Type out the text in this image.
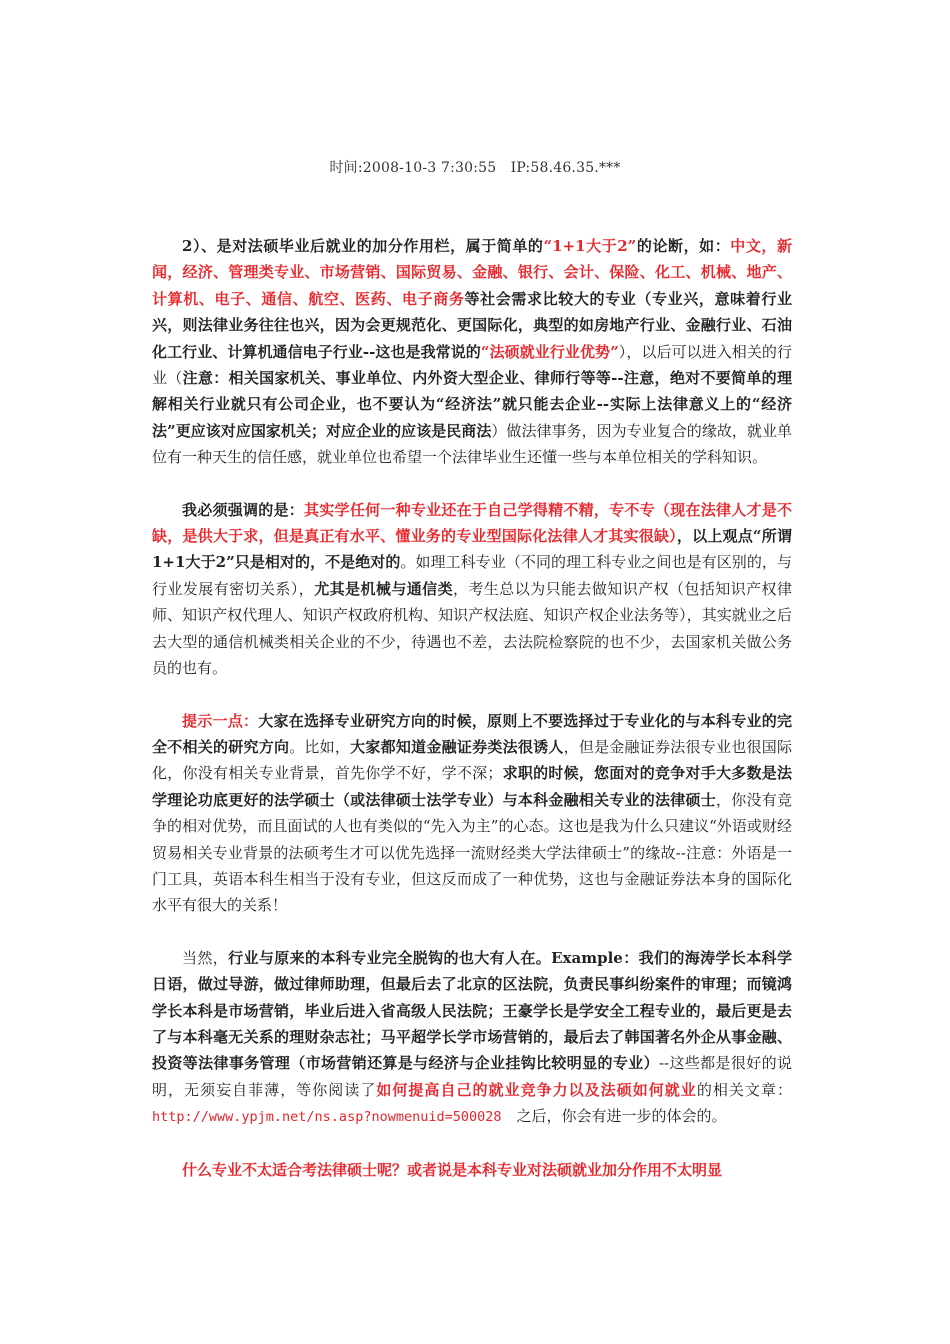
时间:2008-10-3 7:30:55　IP:58.46.35.***

2）、是对法硕毕业后就业的加分作用栏，属于简单的“1+1大于2”的论断，如：中文，新闻，经济、管理类专业、市场营销、国际贸易、金融、银行、会计、保险、化工、机械、地产、计算机、电子、通信、航空、医药、电子商务等社会需求比较大的专业（专业兴，意味着行业兴，则法律业务往往也兴，因为会更规范化、更国际化，典型的如房地产行业、金融行业、石油化工行业、计算机通信电子行业--这也是我常说的“法硕就业行业优势”），以后可以进入相关的行业（注意：相关国家机关、事业单位、内外资大型企业、律师行等等--注意，绝对不要简单的理解相关行业就只有公司企业，也不要认为“经济法”就只能去企业--实际上法律意义上的“经济法”更应该对应国家机关；对应企业的应该是民商法）做法律事务，因为专业复合的缘故，就业单位有一种天生的信任感，就业单位也希望一个法律毕业生还懂一些与本单位相关的学科知识。

我必须强调的是：其实学任何一种专业还在于自己学得精不精，专不专（现在法律人才是不缺，是供大于求，但是真正有水平、懂业务的专业型国际化法律人才其实很缺），以上观点“所谓1+1大于2”只是相对的，不是绝对的。如理工科专业（不同的理工科专业之间也是有区别的，与行业发展有密切关系），尤其是机械与通信类，考生总以为只能去做知识产权（包括知识产权律师、知识产权代理人、知识产权政府机构、知识产权法庭、知识产权企业法务等），其实就业之后去大型的通信机械类相关企业的不少，待遇也不差，去法院检察院的也不少，去国家机关做公务员的也有。

提示一点：大家在选择专业研究方向的时候，原则上不要选择过于专业化的与本科专业的完全不相关的研究方向。比如，大家都知道金融证券类法很诱人，但是金融证券法很专业也很国际化，你没有相关专业背景，首先你学不好，学不深；求职的时候，您面对的竞争对手大多数是法学理论功底更好的法学硕士（或法律硕士法学专业）与本科金融相关专业的法律硕士，你没有竞争的相对优势，而且面试的人也有类似的“先入为主”的心态。这也是我为什么只建议“外语或财经贸易相关专业背景的法硕考生才可以优先选择一流财经类大学法律硕士”的缘故--注意：外语是一门工具，英语本科生相当于没有专业，但这反而成了一种优势，这也与金融证券法本身的国际化水平有很大的关系！

当然，行业与原来的本科专业完全脱钩的也大有人在。Example：我们的海涛学长本科学日语，做过导游，做过律师助理，但最后去了北京的区法院，负责民事纠纷案件的审理；而镜鸿学长本科是市场营销，毕业后进入省高级人民法院；王豪学长是学安全工程专业的，最后更是去了与本科毫无关系的理财杂志社；马平超学长学市场营销的，最后去了韩国著名外企从事金融、投资等法律事务管理（市场营销还算是与经济与企业挂钩比较明显的专业）--这些都是很好的说明，无须妄自菲薄，等你阅读了如何提高自己的就业竞争力以及法硕如何就业的相关文章：http://www.ypjm.net/ns.asp?nowmenuid=500028　之后，你会有进一步的体会的。

什么专业不太适合考法律硕士呢？或者说是本科专业对法硕就业加分作用不太明显
